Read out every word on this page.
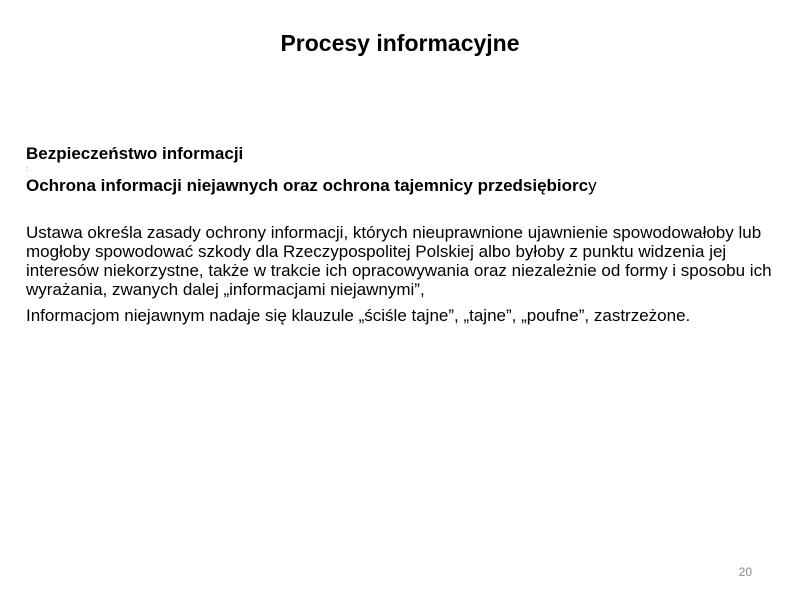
Procesy informacyjne

Bezpieczeństwo informacji

:

Ochrona informacji niejawnych oraz ochrona tajemnicy przedsiębiorcy

Ustawa określa zasady ochrony informacji, których nieuprawnione ujawnienie spowodowałoby lub mogłoby spowodować szkody dla Rzeczypospolitej Polskiej albo byłoby z punktu widzenia jej interesów niekorzystne, także w trakcie ich opracowywania oraz niezależnie od formy i sposobu ich wyrażania, zwanych dalej „informacjami niejawnymi”,

Informacjom niejawnym nadaje się klauzule „ściśle tajne”, „tajne”, „poufne”, zastrzeżone.

20
